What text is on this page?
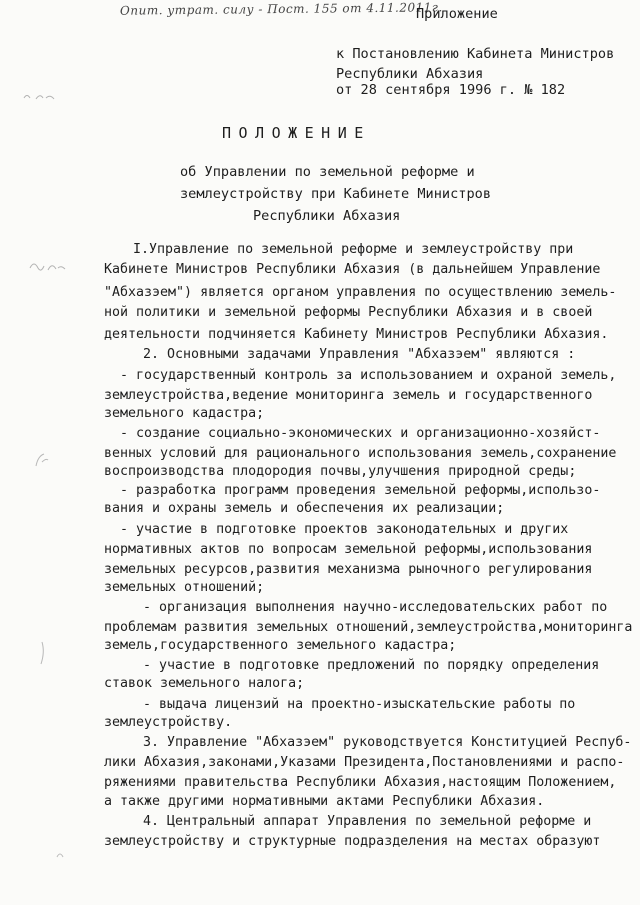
Опит. утрат. силу - Пост. 155 от 4.11.2011г.
Приложение
к Постановлению Кабинета Министров
Республики Абхазия
от 28 сентября 1996 г. № 182
ПОЛОЖЕНИЕ
об Управлении по земельной реформе и
землеустройству при Кабинете Министров
Республики Абхазия
I.Управление по земельной реформе и землеустройству при
Кабинете Министров Республики Абхазия (в дальнейшем Управление
"Абхазэем") является органом управления по осуществлению земель-
ной политики и земельной реформы Республики Абхазия и в своей
деятельности подчиняется Кабинету Министров Республики Абхазия.
2. Основными задачами Управления "Абхазэем" являются :
- государственный контроль за использованием и охраной земель,
землеустройства,ведение мониторинга земель и государственного
земельного кадастра;
- создание социально-экономических и организационно-хозяйст-
венных условий для рационального использования земель,сохранение
воспроизводства плодородия почвы,улучшения природной среды;
- разработка программ проведения земельной реформы,использо-
вания и охраны земель и обеспечения их реализации;
- участие в подготовке проектов законодательных и других
нормативных актов по вопросам земельной реформы,использования
земельных ресурсов,развития механизма рыночного регулирования
земельных отношений;
- организация выполнения научно-исследовательских работ по
проблемам развития земельных отношений,землеустройства,мониторинга
земель,государственного земельного кадастра;
- участие в подготовке предложений по порядку определения
ставок земельного налога;
- выдача лицензий на проектно-изыскательские работы по
землеустройству.
3. Управление "Абхазэем" руководствуется Конституцией Респуб-
лики Абхазия,законами,Указами Президента,Постановлениями и распо-
ряжениями правительства Республики Абхазия,настоящим Положением,
а также другими нормативными актами Республики Абхазия.
4. Центральный аппарат Управления по земельной реформе и
землеустройству и структурные подразделения на местах образуют
